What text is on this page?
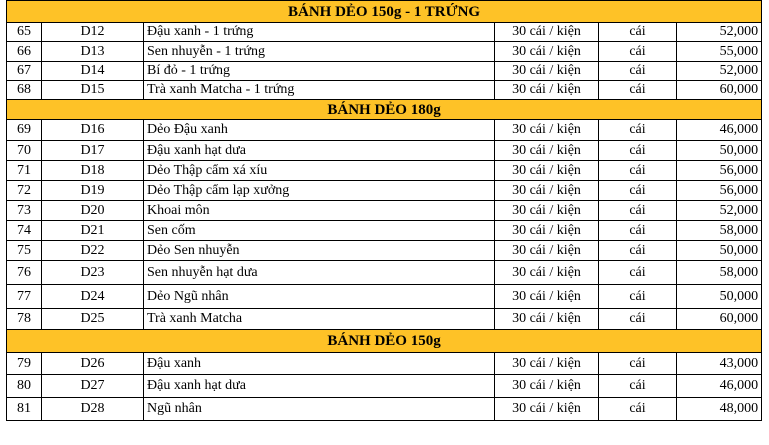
BÁNH DẺO 150g - 1 TRỨNG					
65	D12	Đậu xanh - 1 trứng	30 cái / kiện	cái	52,000
66	D13	Sen nhuyễn - 1 trứng	30 cái / kiện	cái	55,000
67	D14	Bí đỏ - 1 trứng	30 cái / kiện	cái	52,000
68	D15	Trà xanh Matcha - 1 trứng	30 cái / kiện	cái	60,000
BÁNH DẺO 180g					
69	D16	Dẻo Đậu xanh	30 cái / kiện	cái	46,000
70	D17	Đậu xanh hạt dưa	30 cái / kiện	cái	50,000
71	D18	Dẻo Thập cẩm xá xíu	30 cái / kiện	cái	56,000
72	D19	Dẻo Thập cẩm lạp xưởng	30 cái / kiện	cái	56,000
73	D20	Khoai môn	30 cái / kiện	cái	52,000
74	D21	Sen cốm	30 cái / kiện	cái	58,000
75	D22	Dẻo Sen nhuyễn	30 cái / kiện	cái	50,000
76	D23	Sen nhuyễn hạt dưa	30 cái / kiện	cái	58,000
77	D24	Dẻo Ngũ nhân	30 cái / kiện	cái	50,000
78	D25	Trà xanh Matcha	30 cái / kiện	cái	60,000
BÁNH DẺO 150g					
79	D26	Đậu xanh	30 cái / kiện	cái	43,000
80	D27	Đậu xanh hạt dưa	30 cái / kiện	cái	46,000
81	D28	Ngũ nhân	30 cái / kiện	cái	48,000
